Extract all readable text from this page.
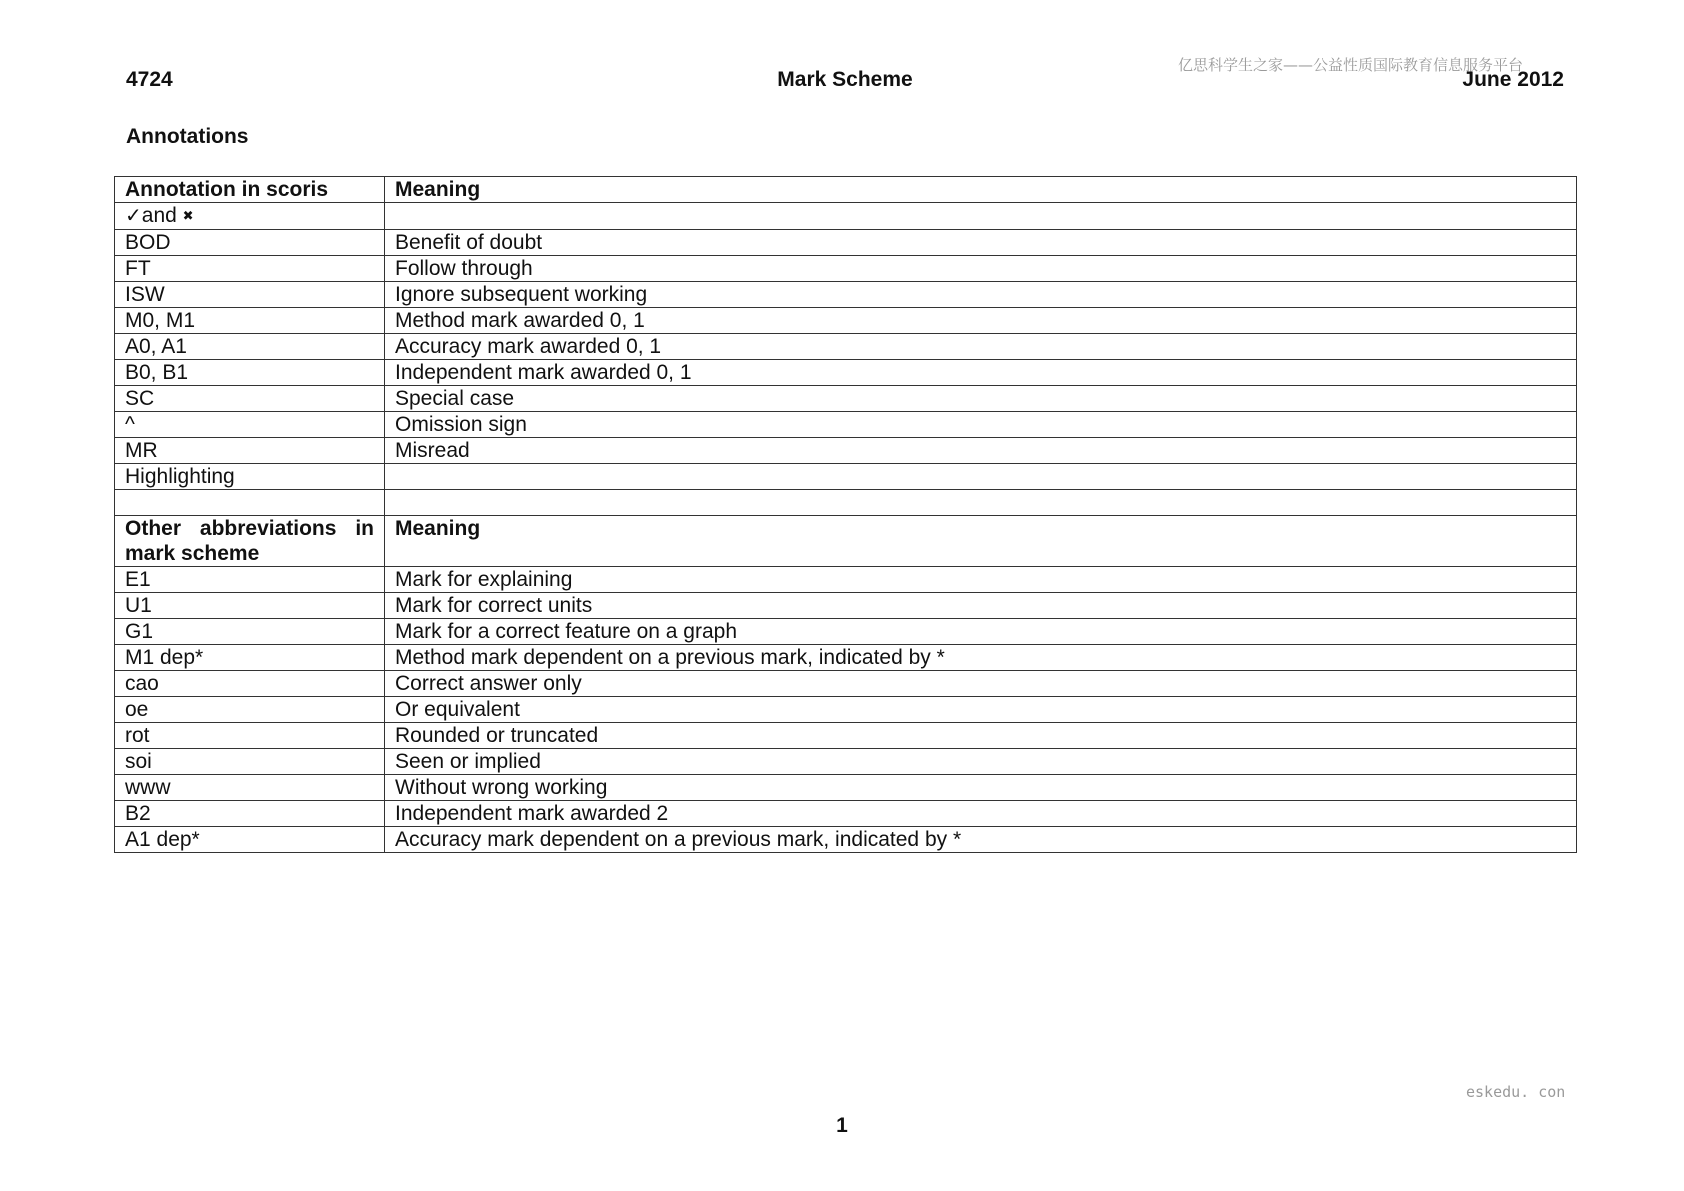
亿思科学生之家——公益性质国际教育信息服务平台
4724	Mark Scheme	June 2012
Annotations
Annotation in scoris	Meaning
✓and ✖	
BOD	Benefit of doubt
FT	Follow through
ISW	Ignore subsequent working
M0, M1	Method mark awarded 0, 1
A0, A1	Accuracy mark awarded 0, 1
B0, B1	Independent mark awarded 0, 1
SC	Special case
^	Omission sign
MR	Misread
Highlighting	

Other abbreviations in mark scheme	Meaning
E1	Mark for explaining
U1	Mark for correct units
G1	Mark for a correct feature on a graph
M1 dep*	Method mark dependent on a previous mark, indicated by *
cao	Correct answer only
oe	Or equivalent
rot	Rounded or truncated
soi	Seen or implied
www	Without wrong working
B2	Independent mark awarded 2
A1 dep*	Accuracy mark dependent on a previous mark, indicated by *
eskedu. con
1
